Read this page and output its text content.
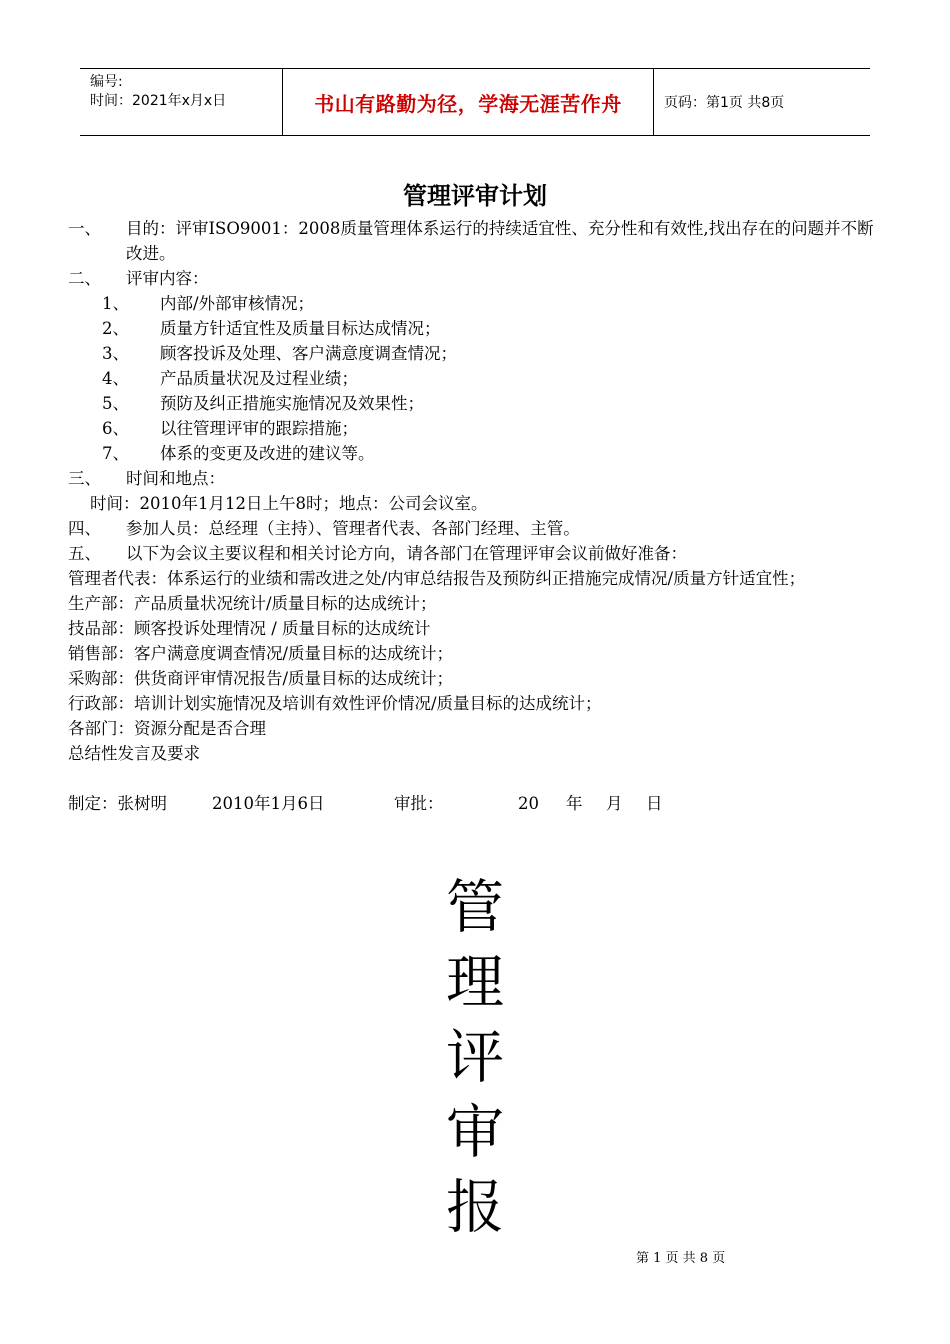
编号:
时间：2021年x月x日	书山有路勤为径，学海无涯苦作舟	页码：第1页 共8页
管理评审计划
一、	目的：评审ISO9001：2008质量管理体系运行的持续适宜性、充分性和有效性,找出存在的问题并不断改进。
二、	评审内容：
1、	内部/外部审核情况；
2、	质量方针适宜性及质量目标达成情况；
3、	顾客投诉及处理、客户满意度调查情况；
4、	产品质量状况及过程业绩；
5、	预防及纠正措施实施情况及效果性；
6、	以往管理评审的跟踪措施；
7、	体系的变更及改进的建议等。
三、	时间和地点：
时间：2010年1月12日上午8时；地点：公司会议室。
四、	参加人员：总经理（主持）、管理者代表、各部门经理、主管。
五、	以下为会议主要议程和相关讨论方向，请各部门在管理评审会议前做好准备：
管理者代表：体系运行的业绩和需改进之处/内审总结报告及预防纠正措施完成情况/质量方针适宜性；
生产部：产品质量状况统计/质量目标的达成统计；
技品部：顾客投诉处理情况 / 质量目标的达成统计
销售部：客户满意度调查情况/质量目标的达成统计；
采购部：供货商评审情况报告/质量目标的达成统计；
行政部：培训计划实施情况及培训有效性评价情况/质量目标的达成统计；
各部门：资源分配是否合理
总结性发言及要求
制定：张树明	2010年1月6日	审批：	20	年	月	日
管
理
评
审
报
第 1 页 共 8 页
